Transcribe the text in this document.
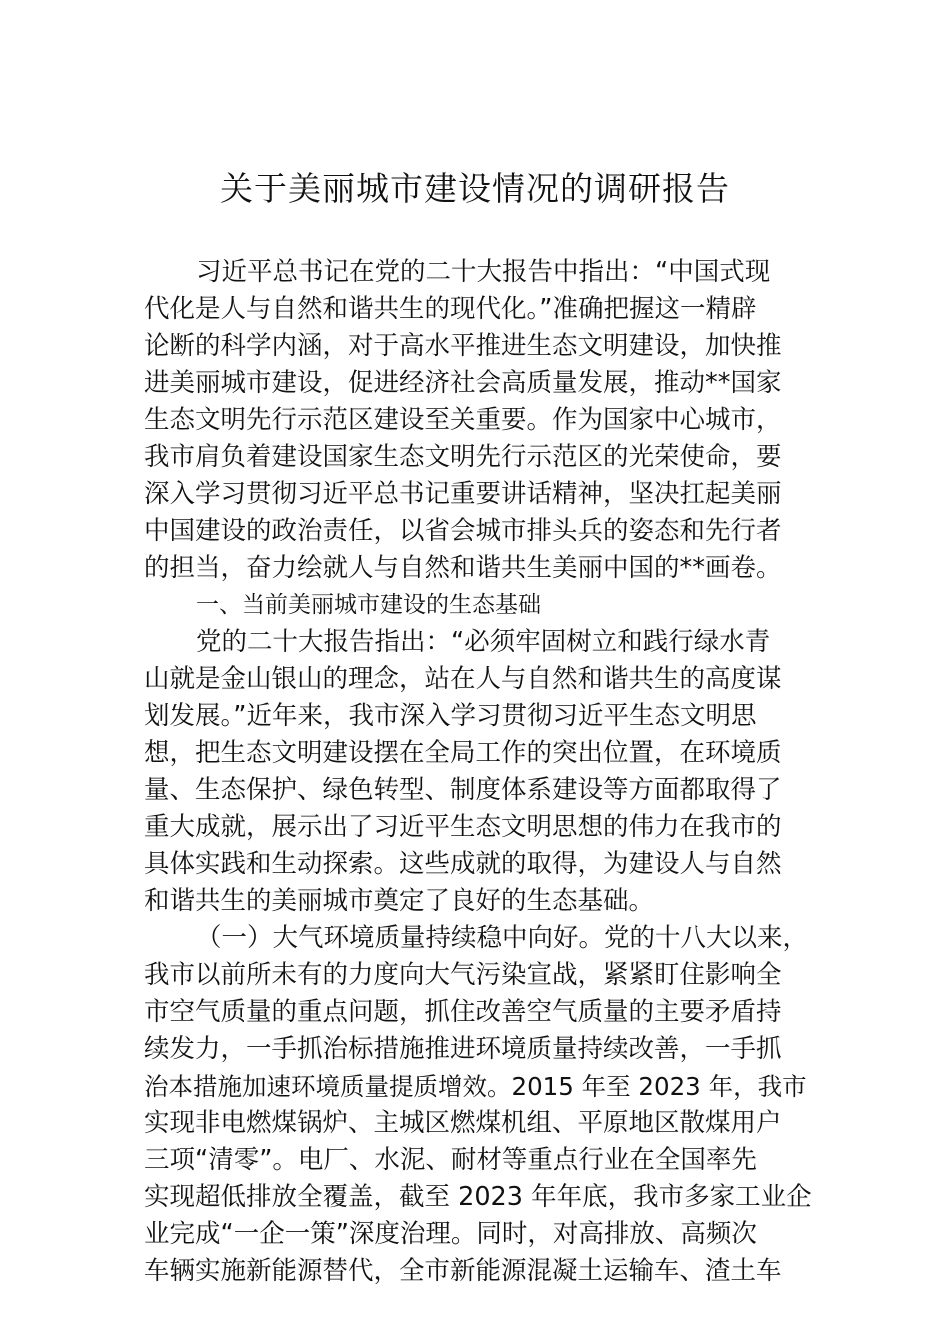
关于美丽城市建设情况的调研报告
习近平总书记在党的二十大报告中指出：“中国式现
代化是人与自然和谐共生的现代化。”准确把握这一精辟
论断的科学内涵，对于高水平推进生态文明建设，加快推
进美丽城市建设，促进经济社会高质量发展，推动**国家
生态文明先行示范区建设至关重要。作为国家中心城市，
我市肩负着建设国家生态文明先行示范区的光荣使命，要
深入学习贯彻习近平总书记重要讲话精神，坚决扛起美丽
中国建设的政治责任，以省会城市排头兵的姿态和先行者
的担当，奋力绘就人与自然和谐共生美丽中国的**画卷。
一、当前美丽城市建设的生态基础
党的二十大报告指出：“必须牢固树立和践行绿水青
山就是金山银山的理念，站在人与自然和谐共生的高度谋
划发展。”近年来，我市深入学习贯彻习近平生态文明思
想，把生态文明建设摆在全局工作的突出位置，在环境质
量、生态保护、绿色转型、制度体系建设等方面都取得了
重大成就，展示出了习近平生态文明思想的伟力在我市的
具体实践和生动探索。这些成就的取得，为建设人与自然
和谐共生的美丽城市奠定了良好的生态基础。
（一）大气环境质量持续稳中向好。党的十八大以来，
我市以前所未有的力度向大气污染宣战，紧紧盯住影响全
市空气质量的重点问题，抓住改善空气质量的主要矛盾持
续发力，一手抓治标措施推进环境质量持续改善，一手抓
治本措施加速环境质量提质增效。2015 年至 2023 年，我市
实现非电燃煤锅炉、主城区燃煤机组、平原地区散煤用户
三项“清零”。电厂、水泥、耐材等重点行业在全国率先
实现超低排放全覆盖，截至 2023 年年底，我市多家工业企
业完成“一企一策”深度治理。同时，对高排放、高频次
车辆实施新能源替代，全市新能源混凝土运输车、渣土车
